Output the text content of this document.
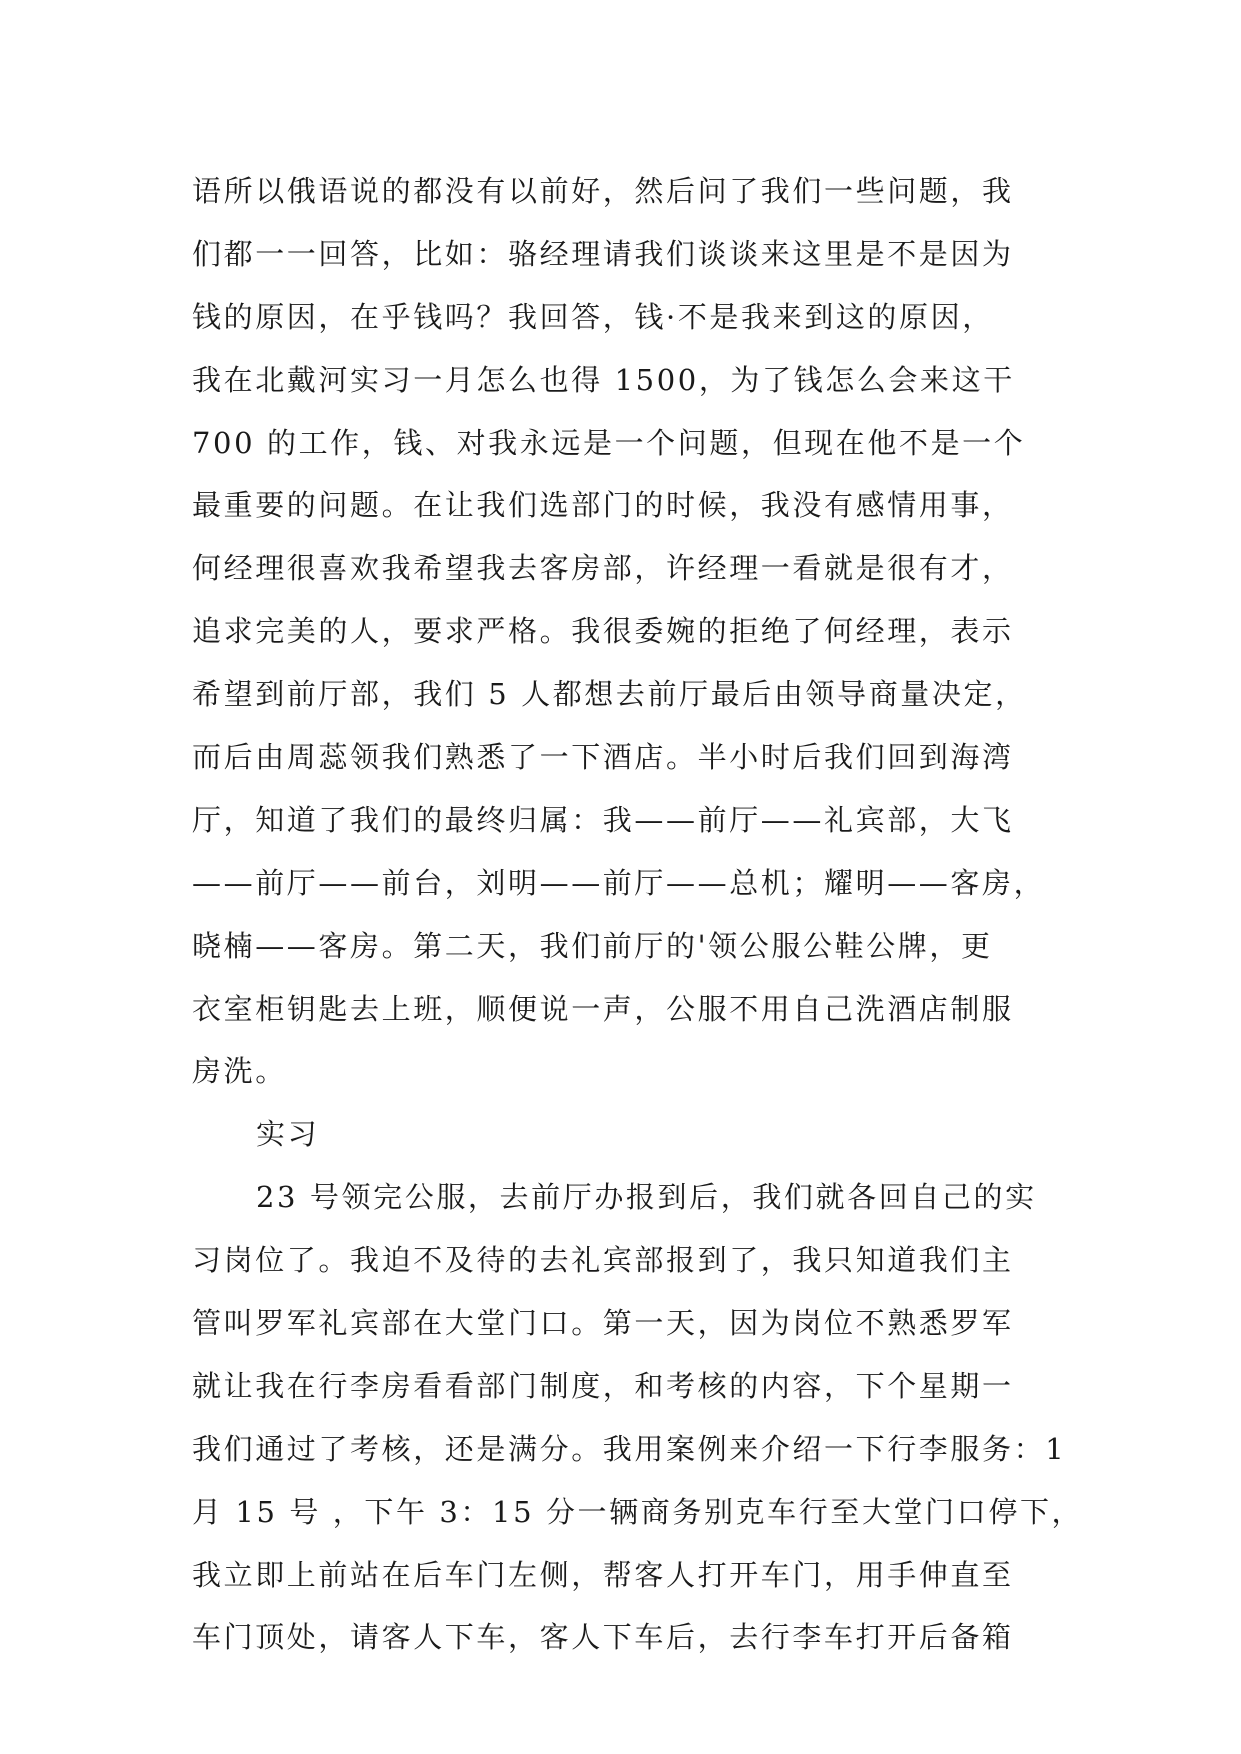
语所以俄语说的都没有以前好，然后问了我们一些问题，我
们都一一回答，比如：骆经理请我们谈谈来这里是不是因为
钱的原因，在乎钱吗？我回答，钱·不是我来到这的原因，
我在北戴河实习一月怎么也得 1500，为了钱怎么会来这干
700 的工作，钱、对我永远是一个问题，但现在他不是一个
最重要的问题。在让我们选部门的时候，我没有感情用事，
何经理很喜欢我希望我去客房部，许经理一看就是很有才，
追求完美的人，要求严格。我很委婉的拒绝了何经理，表示
希望到前厅部，我们 5 人都想去前厅最后由领导商量决定，
而后由周蕊领我们熟悉了一下酒店。半小时后我们回到海湾
厅，知道了我们的最终归属：我——前厅——礼宾部，大飞
——前厅——前台，刘明——前厅——总机；耀明——客房，
晓楠——客房。第二天，我们前厅的'领公服公鞋公牌，更
衣室柜钥匙去上班，顺便说一声，公服不用自己洗酒店制服
房洗。
实习
23 号领完公服，去前厅办报到后，我们就各回自己的实
习岗位了。我迫不及待的去礼宾部报到了，我只知道我们主
管叫罗军礼宾部在大堂门口。第一天，因为岗位不熟悉罗军
就让我在行李房看看部门制度，和考核的内容，下个星期一
我们通过了考核，还是满分。我用案例来介绍一下行李服务：1
月 15 号 ，下午 3：15 分一辆商务别克车行至大堂门口停下，
我立即上前站在后车门左侧，帮客人打开车门，用手伸直至
车门顶处，请客人下车，客人下车后，去行李车打开后备箱
